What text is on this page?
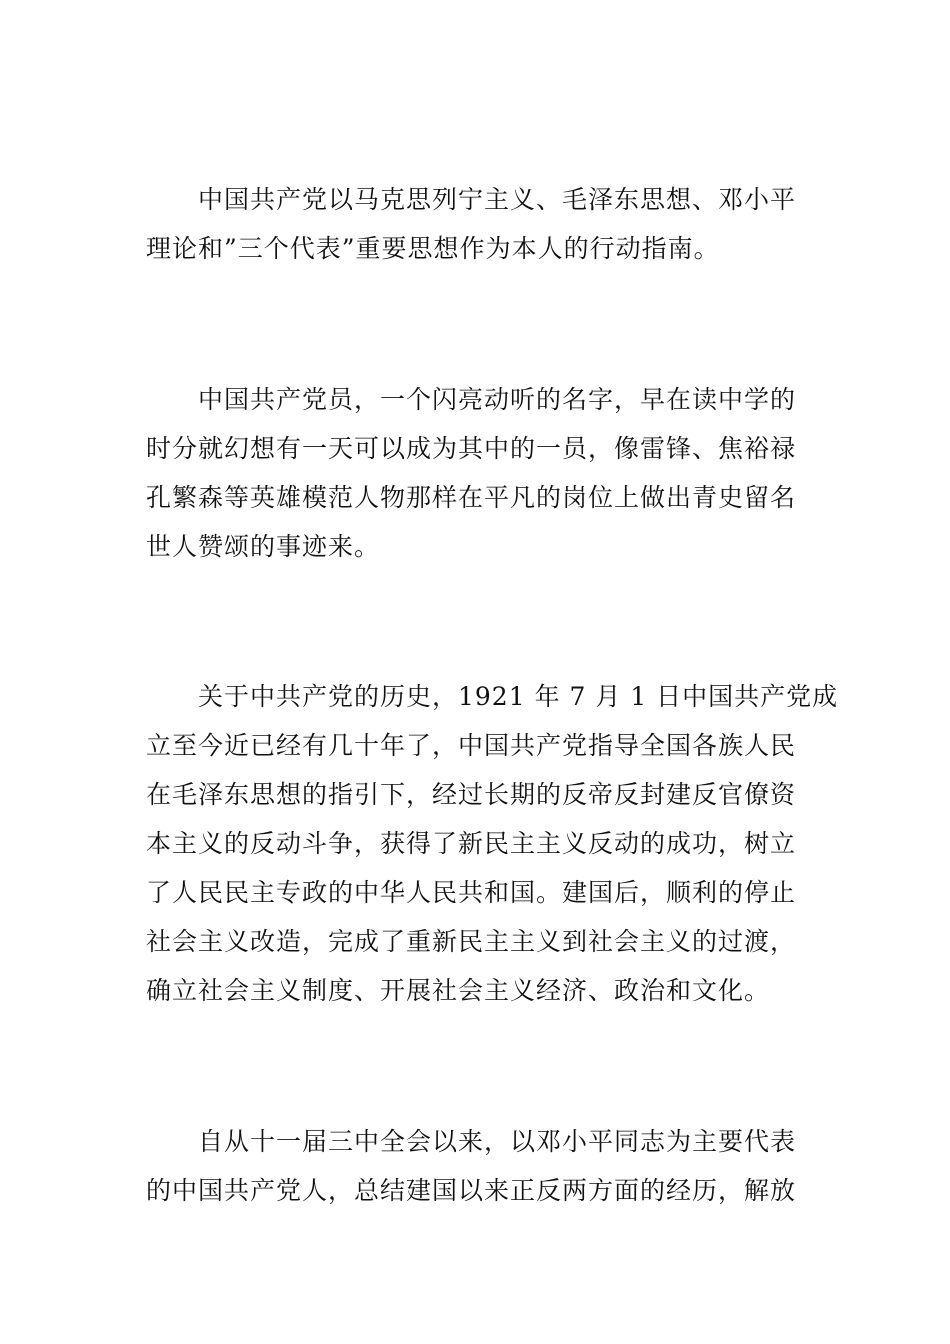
中国共产党以马克思列宁主义、毛泽东思想、邓小平
理论和”三个代表”重要思想作为本人的行动指南。

中国共产党员，一个闪亮动听的名字，早在读中学的
时分就幻想有一天可以成为其中的一员，像雷锋、焦裕禄
孔繁森等英雄模范人物那样在平凡的岗位上做出青史留名
世人赞颂的事迹来。

关于中共产党的历史，1921 年 7 月 1 日中国共产党成
立至今近已经有几十年了，中国共产党指导全国各族人民
在毛泽东思想的指引下，经过长期的反帝反封建反官僚资
本主义的反动斗争，获得了新民主主义反动的成功，树立
了人民民主专政的中华人民共和国。建国后，顺利的停止
社会主义改造，完成了重新民主主义到社会主义的过渡，
确立社会主义制度、开展社会主义经济、政治和文化。

自从十一届三中全会以来，以邓小平同志为主要代表
的中国共产党人，总结建国以来正反两方面的经历，解放
